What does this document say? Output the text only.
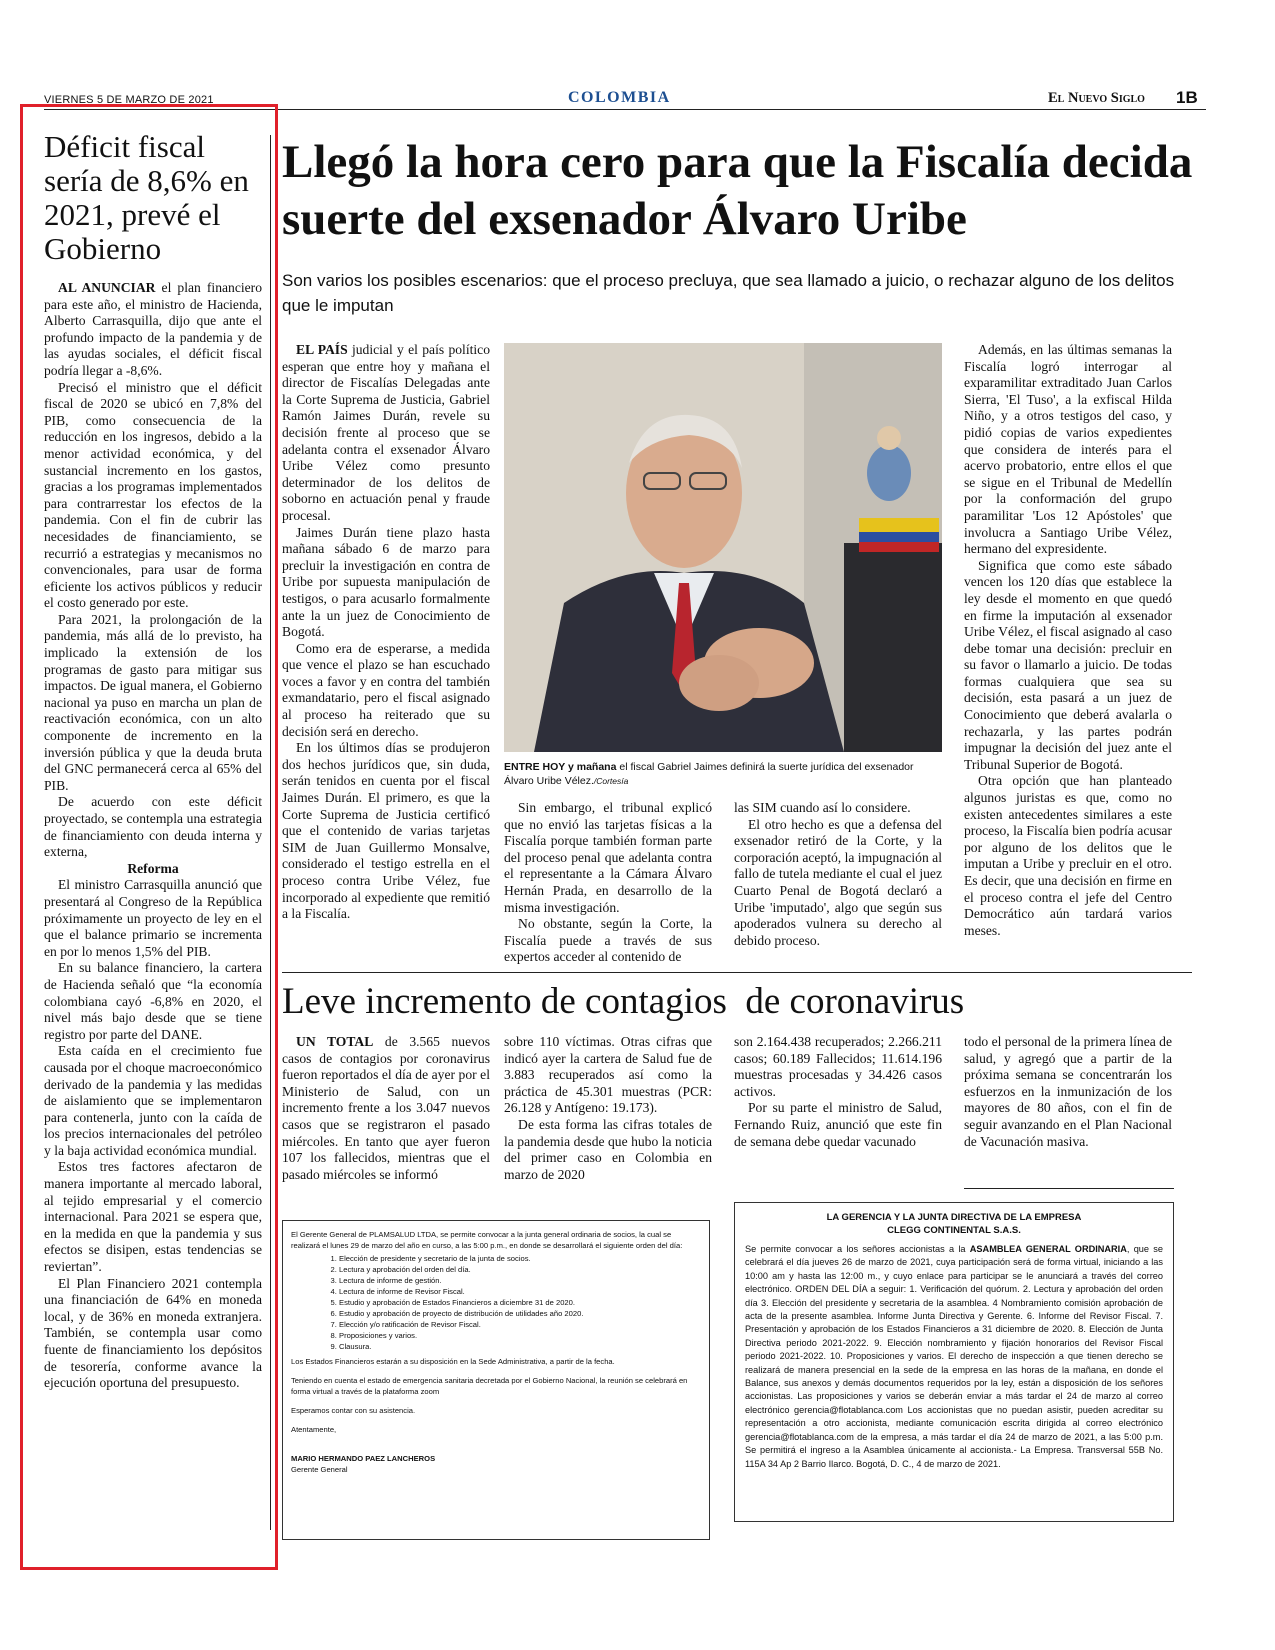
VIERNES 5 DE MARZO DE 2021	COLOMBIA	El Nuevo Siglo 1B
Déficit fiscal sería de 8,6% en 2021, prevé el Gobierno

AL ANUNCIAR el plan financiero para este año, el ministro de Hacienda, Alberto Carrasquilla, dijo que ante el profundo impacto de la pandemia y de las ayudas sociales, el déficit fiscal podría llegar a -8,6%.

Precisó el ministro que el déficit fiscal de 2020 se ubicó en 7,8% del PIB, como consecuencia de la reducción en los ingresos, debido a la menor actividad económica, y del sustancial incremento en los gastos, gracias a los programas implementados para contrarrestar los efectos de la pandemia. Con el fin de cubrir las necesidades de financiamiento, se recurrió a estrategias y mecanismos no convencionales, para usar de forma eficiente los activos públicos y reducir el costo generado por este.

Para 2021, la prolongación de la pandemia, más allá de lo previsto, ha implicado la extensión de los programas de gasto para mitigar sus impactos. De igual manera, el Gobierno nacional ya puso en marcha un plan de reactivación económica, con un alto componente de incremento en la inversión pública y que la deuda bruta del GNC permanecerá cerca al 65% del PIB.

De acuerdo con este déficit proyectado, se contempla una estrategia de financiamiento con deuda interna y externa,

Reforma

El ministro Carrasquilla anunció que presentará al Congreso de la República próximamente un proyecto de ley en el que el balance primario se incrementa en por lo menos 1,5% del PIB.

En su balance financiero, la cartera de Hacienda señaló que “la economía colombiana cayó -6,8% en 2020, el nivel más bajo desde que se tiene registro por parte del DANE.

Esta caída en el crecimiento fue causada por el choque macroeconómico derivado de la pandemia y las medidas de aislamiento que se implementaron para contenerla, junto con la caída de los precios internacionales del petróleo y la baja actividad económica mundial.

Estos tres factores afectaron de manera importante al mercado laboral, al tejido empresarial y el comercio internacional. Para 2021 se espera que, en la medida en que la pandemia y sus efectos se disipen, estas tendencias se reviertan”.

El Plan Financiero 2021 contempla una financiación de 64% en moneda local, y de 36% en moneda extranjera. También, se contempla usar como fuente de financiamiento los depósitos de tesorería, conforme avance la ejecución oportuna del presupuesto.

Llegó la hora cero para que la Fiscalía decida suerte del exsenador Álvaro Uribe
Son varios los posibles escenarios: que el proceso precluya, que sea llamado a juicio, o rechazar alguno de los delitos que le imputan

EL PAÍS judicial y el país político esperan que entre hoy y mañana el director de Fiscalías Delegadas ante la Corte Suprema de Justicia, Gabriel Ramón Jaimes Durán, revele su decisión frente al proceso que se adelanta contra el exsenador Álvaro Uribe Vélez como presunto determinador de los delitos de soborno en actuación penal y fraude procesal.

Jaimes Durán tiene plazo hasta mañana sábado 6 de marzo para precluir la investigación en contra de Uribe por supuesta manipulación de testigos, o para acusarlo formalmente ante la un juez de Conocimiento de Bogotá.

Como era de esperarse, a medida que vence el plazo se han escuchado voces a favor y en contra del también exmandatario, pero el fiscal asignado al proceso ha reiterado que su decisión será en derecho.

En los últimos días se produjeron dos hechos jurídicos que, sin duda, serán tenidos en cuenta por el fiscal Jaimes Durán. El primero, es que la Corte Suprema de Justicia certificó que el contenido de varias tarjetas SIM de Juan Guillermo Monsalve, considerado el testigo estrella en el proceso contra Uribe Vélez, fue incorporado al expediente que remitió a la Fiscalía.

ENTRE HOY y mañana el fiscal Gabriel Jaimes definirá la suerte jurídica del exsenador Álvaro Uribe Vélez./Cortesía

Sin embargo, el tribunal explicó que no envió las tarjetas físicas a la Fiscalía porque también forman parte del proceso penal que adelanta contra el representante a la Cámara Álvaro Hernán Prada, en desarrollo de la misma investigación.

No obstante, según la Corte, la Fiscalía puede a través de sus expertos acceder al contenido de

las SIM cuando así lo considere.

El otro hecho es que a defensa del exsenador retiró de la Corte, y la corporación aceptó, la impugnación al fallo de tutela mediante el cual el juez Cuarto Penal de Bogotá declaró a Uribe 'imputado', algo que según sus apoderados vulnera su derecho al debido proceso.

Además, en las últimas semanas la Fiscalía logró interrogar al exparamilitar extraditado Juan Carlos Sierra, 'El Tuso', a la exfiscal Hilda Niño, y a otros testigos del caso, y pidió copias de varios expedientes que considera de interés para el acervo probatorio, entre ellos el que se sigue en el Tribunal de Medellín por la conformación del grupo paramilitar 'Los 12 Apóstoles' que involucra a Santiago Uribe Vélez, hermano del expresidente.

Significa que como este sábado vencen los 120 días que establece la ley desde el momento en que quedó en firme la imputación al exsenador Uribe Vélez, el fiscal asignado al caso debe tomar una decisión: precluir en su favor o llamarlo a juicio. De todas formas cualquiera que sea su decisión, esta pasará a un juez de Conocimiento que deberá avalarla o rechazarla, y las partes podrán impugnar la decisión del juez ante el Tribunal Superior de Bogotá.

Otra opción que han planteado algunos juristas es que, como no existen antecedentes similares a este proceso, la Fiscalía bien podría acusar por alguno de los delitos que le imputan a Uribe y precluir en el otro. Es decir, que una decisión en firme en el proceso contra el jefe del Centro Democrático aún tardará varios meses.

Leve incremento de contagios  de coronavirus

UN TOTAL de 3.565 nuevos casos de contagios por coronavirus fueron reportados el día de ayer por el Ministerio de Salud, con un incremento frente a los 3.047 nuevos casos que se registraron el pasado miércoles. En tanto que ayer fueron 107 los fallecidos, mientras que el pasado miércoles se informó

sobre 110 víctimas. Otras cifras que indicó ayer la cartera de Salud fue de 3.883 recuperados así como la práctica de 45.301 muestras (PCR: 26.128 y Antígeno: 19.173).

De esta forma las cifras totales de la pandemia desde que hubo la noticia del primer caso en Colombia en marzo de 2020

son 2.164.438 recuperados; 2.266.211 casos; 60.189 Fallecidos; 11.614.196 muestras procesadas y 34.426 casos activos.

Por su parte el ministro de Salud, Fernando Ruiz, anunció que este fin de semana debe quedar vacunado

todo el personal de la primera línea de salud, y agregó que a partir de la próxima semana se concentrarán los esfuerzos en la inmunización de los mayores de 80 años, con el fin de seguir avanzando en el Plan Nacional de Vacunación masiva.

El Gerente General de PLAMSALUD LTDA, se permite convocar a la junta general ordinaria de socios, la cual se realizará el lunes 29 de marzo del año en curso, a las 5:00 p.m., en donde se desarrollará el siguiente orden del día:

1. Elección de presidente y secretario de la junta de socios.
2. Lectura y aprobación del orden del día.
3. Lectura de informe de gestión.
4. Lectura de informe de Revisor Fiscal.
5. Estudio y aprobación de Estados Financieros a diciembre 31 de 2020.
6. Estudio y aprobación de proyecto de distribución de utilidades año 2020.
7. Elección y/o ratificación de Revisor Fiscal.
8. Proposiciones y varios.
9. Clausura.

Los Estados Financieros estarán a su disposición en la Sede Administrativa, a partir de la fecha.

Teniendo en cuenta el estado de emergencia sanitaria decretada por el Gobierno Nacional, la reunión se celebrará en forma virtual a través de la plataforma zoom

Esperamos contar con su asistencia.

Atentamente,

MARIO HERMANDO PAEZ LANCHEROS

Gerente General

LA GERENCIA Y LA JUNTA DIRECTIVA DE LA EMPRESA

CLEGG CONTINENTAL S.A.S.

Se permite convocar a los señores accionistas a la ASAMBLEA GENERAL ORDINARIA, que se celebrará el día jueves 26 de marzo de 2021, cuya participación será de forma virtual, iniciando a las 10:00 am y hasta las 12:00 m., y cuyo enlace para participar se le anunciará a través del correo electrónico. ORDEN DEL DÍA a seguir: 1. Verificación del quórum. 2. Lectura y aprobación del orden día 3. Elección del presidente y secretaria de la asamblea. 4 Nombramiento comisión aprobación de acta de la presente asamblea. Informe Junta Directiva y Gerente. 6. Informe del Revisor Fiscal. 7. Presentación y aprobación de los Estados Financieros a 31 diciembre de 2020. 8. Elección de Junta Directiva periodo 2021-2022. 9. Elección nombramiento y fijación honorarios del Revisor Fiscal periodo 2021-2022. 10. Proposiciones y varios. El derecho de inspección a que tienen derecho se realizará de manera presencial en la sede de la empresa en las horas de la mañana, en donde el Balance, sus anexos y demás documentos requeridos por la ley, están a disposición de los señores accionistas. Las proposiciones y varios se deberán enviar a más tardar el 24 de marzo al correo electrónico gerencia@flotablanca.com Los accionistas que no puedan asistir, pueden acreditar su representación a otro accionista, mediante comunicación escrita dirigida al correo electrónico gerencia@flotablanca.com de la empresa, a más tardar el día 24 de marzo de 2021, a las 5:00 p.m. Se permitirá el ingreso a la Asamblea únicamente al accionista.- La Empresa. Transversal 55B No. 115A 34 Ap 2 Barrio Ilarco. Bogotá, D. C., 4 de marzo de 2021.
